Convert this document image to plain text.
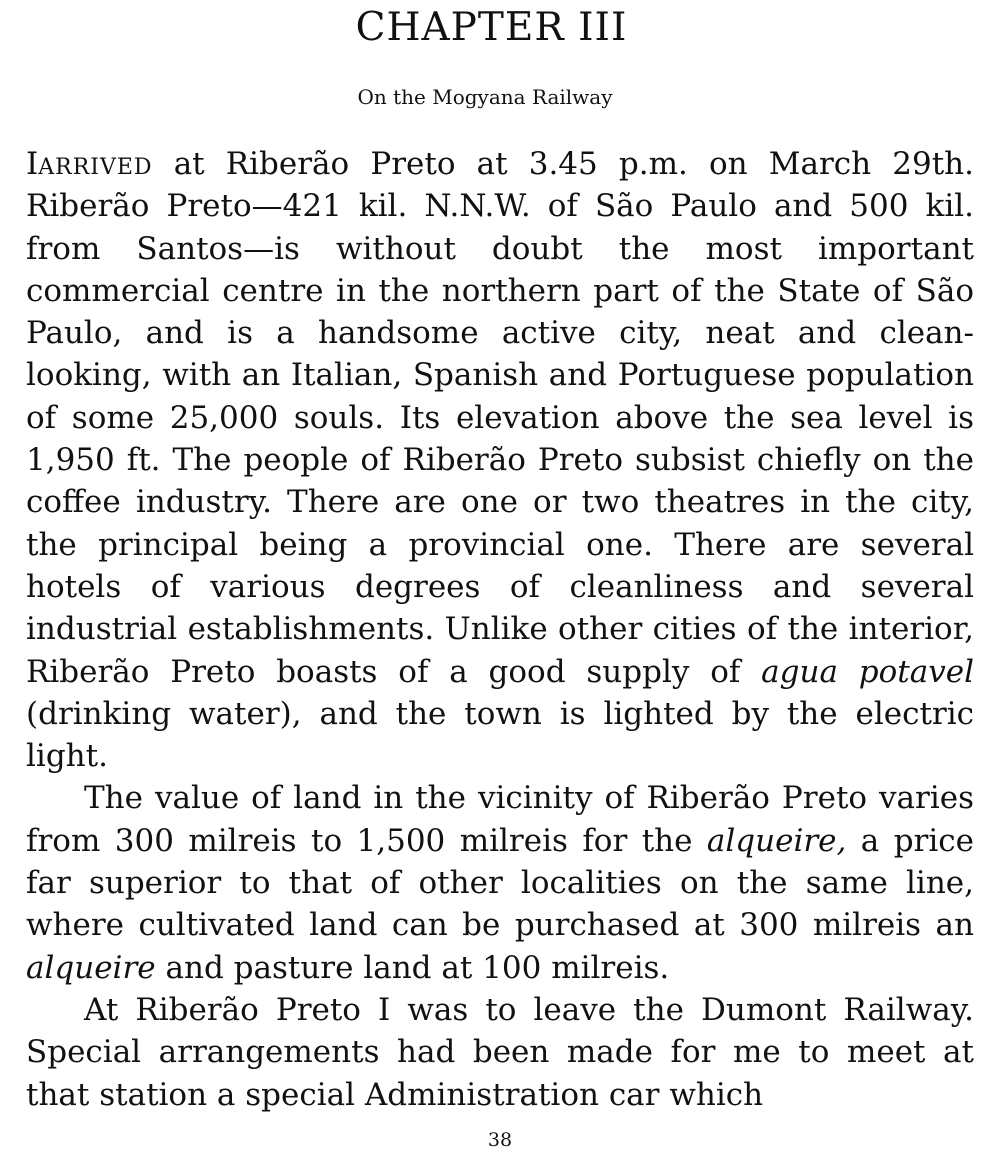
CHAPTER III
On the Mogyana Railway

Iarrived at Riberão Preto at 3.45 p.m. on March 29th. Riberão Preto—421 kil. N.N.W. of São Paulo and 500 kil. from Santos—is without doubt the most important commercial centre in the northern part of the State of São Paulo, and is a handsome active city, neat and clean-looking, with an Italian, Spanish and Portuguese population of some 25,000 souls. Its elevation above the sea level is 1,950 ft. The people of Riberão Preto subsist chiefly on the coffee industry. There are one or two theatres in the city, the principal being a provincial one. There are several hotels of various degrees of cleanliness and several industrial establishments. Unlike other cities of the interior, Riberão Preto boasts of a good supply of agua potavel (drinking water), and the town is lighted by the electric light.

The value of land in the vicinity of Riberão Preto varies from 300 milreis to 1,500 milreis for the alqueire, a price far superior to that of other localities on the same line, where cultivated land can be purchased at 300 milreis an alqueire and pasture land at 100 milreis.

At Riberão Preto I was to leave the Dumont Railway. Special arrangements had been made for me to meet at that station a special Administration car which

38
